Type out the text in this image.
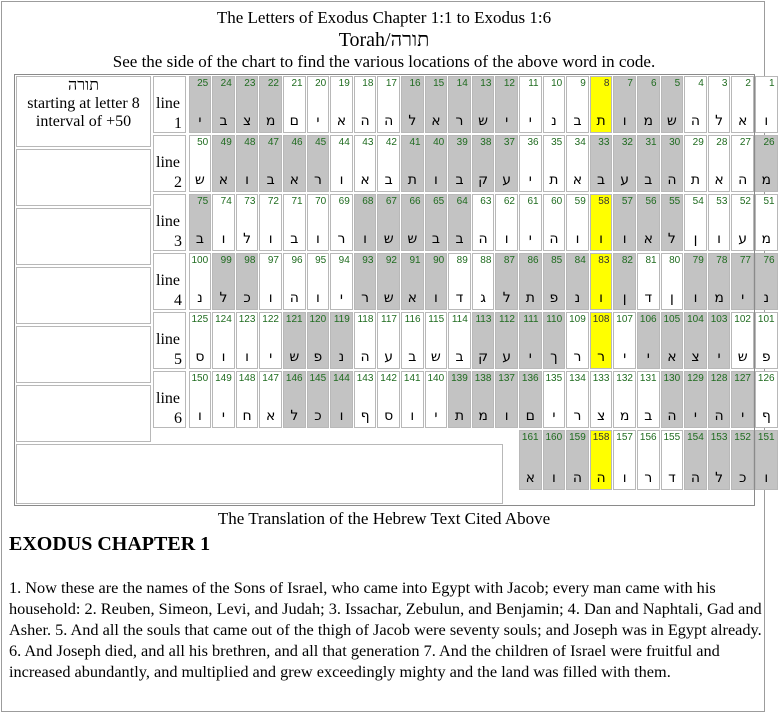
The Letters of Exodus Chapter 1:1 to Exodus 1:6
Torah/תורה
See the side of the chart to find the various locations of the above word in code.
תורה
starting at letter 8
interval of +50
line
1
25
י
24
ב
23
צ
22
מ
21
ם
20
י
19
א
18
ה
17
ה
16
ל
15
א
14
ר
13
ש
12
י
11
י
10
נ
9
ב
8
ת
7
ו
6
מ
5
ש
4
ה
3
ל
2
א
1
ו
line
2
50
ש
49
א
48
ו
47
ב
46
א
45
ר
44
ו
43
א
42
ב
41
ת
40
ו
39
ב
38
ק
37
ע
36
י
35
ת
34
א
33
ב
32
ע
31
ב
30
ה
29
ת
28
א
27
ה
26
מ
line
3
75
ב
74
ו
73
ל
72
ו
71
ב
70
ו
69
ר
68
ו
67
ש
66
ש
65
ב
64
ב
63
ה
62
ו
61
י
60
ה
59
ו
58
ו
57
ו
56
א
55
ל
54
ן
53
ו
52
ע
51
מ
line
4
100
נ
99
ל
98
כ
97
ו
96
ה
95
ו
94
י
93
ר
92
ש
91
א
90
ו
89
ד
88
ג
87
ל
86
ת
85
פ
84
נ
83
ו
82
ן
81
ד
80
ן
79
ו
78
מ
77
י
76
נ
line
5
125
ס
124
ו
123
ו
122
י
121
ש
120
פ
119
נ
118
ה
117
ע
116
ב
115
ש
114
ב
113
ק
112
ע
111
י
110
ך
109
ר
108
ר
107
י
106
י
105
א
104
צ
103
י
102
ש
101
פ
line
6
150
ו
149
י
148
ח
147
א
146
ל
145
כ
144
ו
143
ף
142
ס
141
ו
140
י
139
ת
138
מ
137
ו
136
ם
135
י
134
ר
133
צ
132
מ
131
ב
130
ה
129
י
128
ה
127
י
126
ף
161
א
160
ו
159
ה
158
ה
157
ו
156
ר
155
ד
154
ה
153
ל
152
כ
151
ו
The Translation of the Hebrew Text Cited Above
EXODUS CHAPTER 1
1. Now these are the names of the Sons of Israel, who came into Egypt with Jacob; every man came with his household: 2. Reuben, Simeon, Levi, and Judah; 3. Issachar, Zebulun, and Benjamin; 4. Dan and Naphtali, Gad and Asher. 5. And all the souls that came out of the thigh of Jacob were seventy souls; and Joseph was in Egypt already. 6. And Joseph died, and all his brethren, and all that generation 7. And the children of Israel were fruitful and increased abundantly, and multiplied and grew exceedingly mighty and the land was filled with them.
